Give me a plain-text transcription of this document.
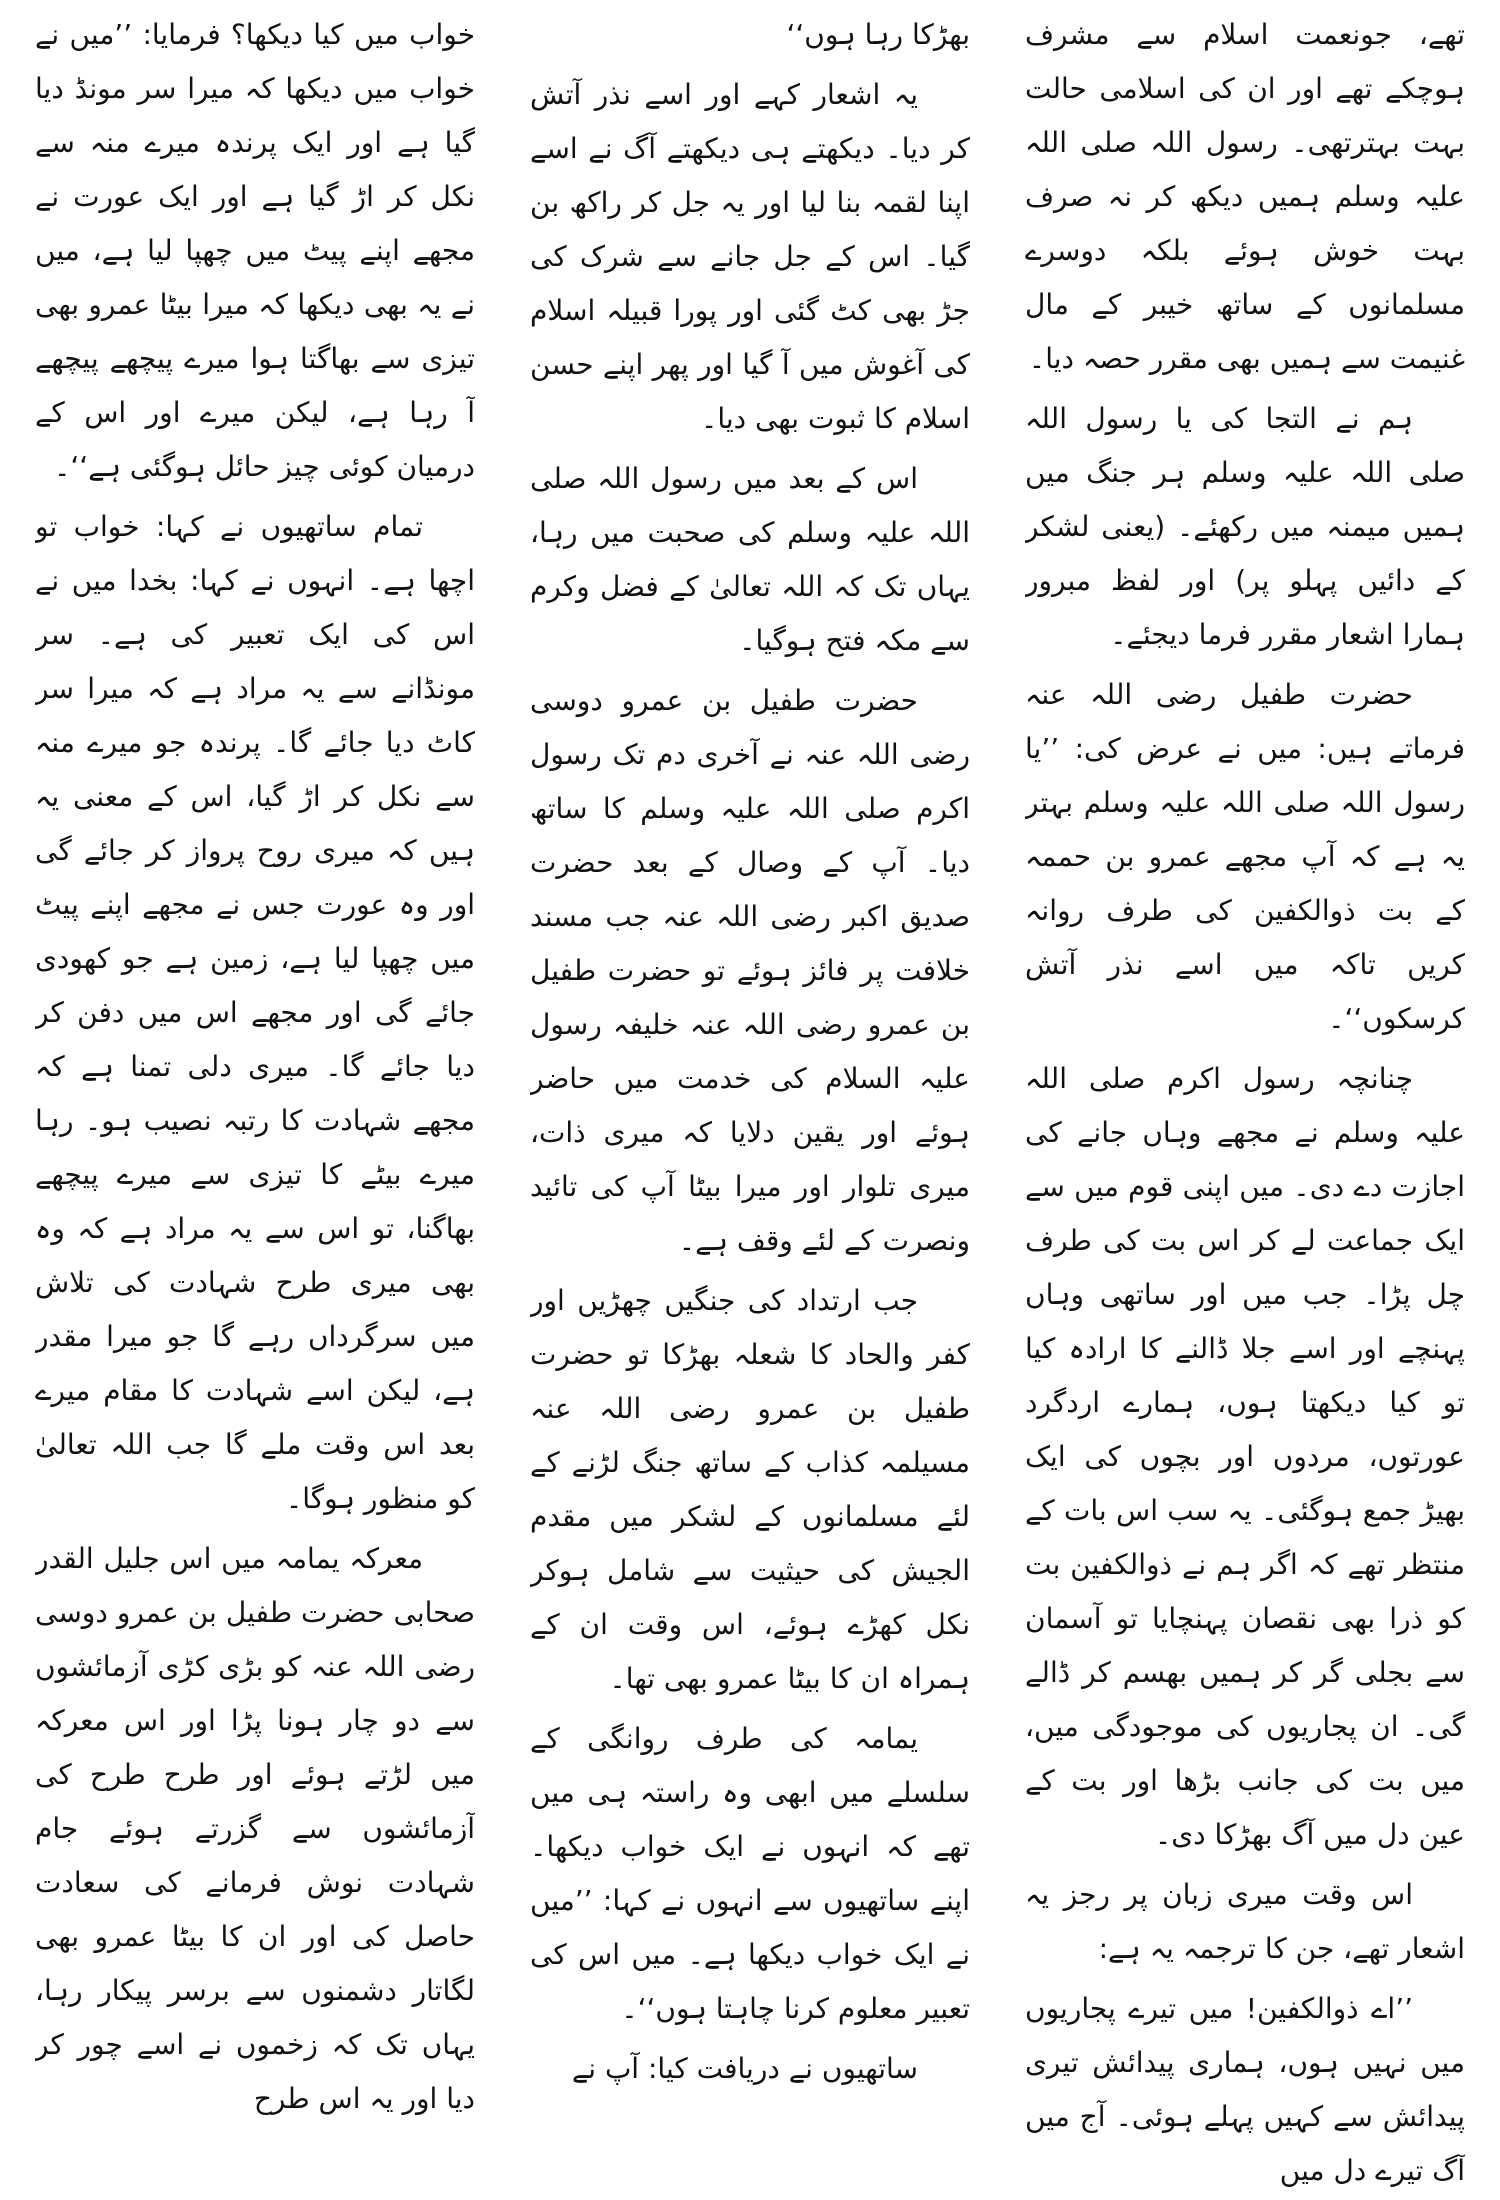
تھے، جونعمت اسلام سے مشرف ہوچکے تھے اور ان کی اسلامی حالت بہت بہترتھی۔ رسول اللہ صلی اللہ علیہ وسلم ہمیں دیکھ کر نہ صرف بہت خوش ہوئے بلکہ دوسرے مسلمانوں کے ساتھ خیبر کے مال غنیمت سے ہمیں بھی مقرر حصہ دیا۔

ہم نے التجا کی یا رسول اللہ صلی اللہ علیہ وسلم ہر جنگ میں ہمیں میمنہ میں رکھئے۔ (یعنی لشکر کے دائیں پہلو پر) اور لفظ مبرور ہمارا اشعار مقرر فرما دیجئے۔

حضرت طفیل رضی اللہ عنہ فرماتے ہیں: میں نے عرض کی: ’’یا رسول اللہ صلی اللہ علیہ وسلم بہتر یہ ہے کہ آپ مجھے عمرو بن حممہ کے بت ذوالکفین کی طرف روانہ کریں تاکہ میں اسے نذر آتش کرسکوں‘‘۔

چنانچہ رسول اکرم صلی اللہ علیہ وسلم نے مجھے وہاں جانے کی اجازت دے دی۔ میں اپنی قوم میں سے ایک جماعت لے کر اس بت کی طرف چل پڑا۔ جب میں اور ساتھی وہاں پہنچے اور اسے جلا ڈالنے کا ارادہ کیا تو کیا دیکھتا ہوں، ہمارے اردگرد عورتوں، مردوں اور بچوں کی ایک بھیڑ جمع ہوگئی۔ یہ سب اس بات کے منتظر تھے کہ اگر ہم نے ذوالکفین بت کو ذرا بھی نقصان پہنچایا تو آسمان سے بجلی گر کر ہمیں بھسم کر ڈالے گی۔ ان پجاریوں کی موجودگی میں، میں بت کی جانب بڑھا اور بت کے عین دل میں آگ بھڑکا دی۔

اس وقت میری زبان پر رجز یہ اشعار تھے، جن کا ترجمہ یہ ہے:

’’اے ذوالکفین! میں تیرے پجاریوں میں نہیں ہوں، ہماری پیدائش تیری پیدائش سے کہیں پہلے ہوئی۔ آج میں آگ تیرے دل میں

بھڑکا رہا ہوں‘‘

یہ اشعار کہے اور اسے نذر آتش کر دیا۔ دیکھتے ہی دیکھتے آگ نے اسے اپنا لقمہ بنا لیا اور یہ جل کر راکھ بن گیا۔ اس کے جل جانے سے شرک کی جڑ بھی کٹ گئی اور پورا قبیلہ اسلام کی آغوش میں آ گیا اور پھر اپنے حسن اسلام کا ثبوت بھی دیا۔

اس کے بعد میں رسول اللہ صلی اللہ علیہ وسلم کی صحبت میں رہا، یہاں تک کہ اللہ تعالیٰ کے فضل وکرم سے مکہ فتح ہوگیا۔

حضرت طفیل بن عمرو دوسی رضی اللہ عنہ نے آخری دم تک رسول اکرم صلی اللہ علیہ وسلم کا ساتھ دیا۔ آپ کے وصال کے بعد حضرت صدیق اکبر رضی اللہ عنہ جب مسند خلافت پر فائز ہوئے تو حضرت طفیل بن عمرو رضی اللہ عنہ خلیفہ رسول علیہ السلام کی خدمت میں حاضر ہوئے اور یقین دلایا کہ میری ذات، میری تلوار اور میرا بیٹا آپ کی تائید ونصرت کے لئے وقف ہے۔

جب ارتداد کی جنگیں چھڑیں اور کفر والحاد کا شعلہ بھڑکا تو حضرت طفیل بن عمرو رضی اللہ عنہ مسیلمہ کذاب کے ساتھ جنگ لڑنے کے لئے مسلمانوں کے لشکر میں مقدم الجیش کی حیثیت سے شامل ہوکر نکل کھڑے ہوئے، اس وقت ان کے ہمراہ ان کا بیٹا عمرو بھی تھا۔

یمامہ کی طرف روانگی کے سلسلے میں ابھی وہ راستہ ہی میں تھے کہ انہوں نے ایک خواب دیکھا۔ اپنے ساتھیوں سے انہوں نے کہا: ’’میں نے ایک خواب دیکھا ہے۔ میں اس کی تعبیر معلوم کرنا چاہتا ہوں‘‘۔

ساتھیوں نے دریافت کیا: آپ نے

خواب میں کیا دیکھا؟ فرمایا: ’’میں نے خواب میں دیکھا کہ میرا سر مونڈ دیا گیا ہے اور ایک پرندہ میرے منہ سے نکل کر اڑ گیا ہے اور ایک عورت نے مجھے اپنے پیٹ میں چھپا لیا ہے، میں نے یہ بھی دیکھا کہ میرا بیٹا عمرو بھی تیزی سے بھاگتا ہوا میرے پیچھے پیچھے آ رہا ہے، لیکن میرے اور اس کے درمیان کوئی چیز حائل ہوگئی ہے‘‘۔

تمام ساتھیوں نے کہا: خواب تو اچھا ہے۔ انہوں نے کہا: بخدا میں نے اس کی ایک تعبیر کی ہے۔ سر مونڈانے سے یہ مراد ہے کہ میرا سر کاٹ دیا جائے گا۔ پرندہ جو میرے منہ سے نکل کر اڑ گیا، اس کے معنی یہ ہیں کہ میری روح پرواز کر جائے گی اور وہ عورت جس نے مجھے اپنے پیٹ میں چھپا لیا ہے، زمین ہے جو کھودی جائے گی اور مجھے اس میں دفن کر دیا جائے گا۔ میری دلی تمنا ہے کہ مجھے شہادت کا رتبہ نصیب ہو۔ رہا میرے بیٹے کا تیزی سے میرے پیچھے بھاگنا، تو اس سے یہ مراد ہے کہ وہ بھی میری طرح شہادت کی تلاش میں سرگرداں رہے گا جو میرا مقدر ہے، لیکن اسے شہادت کا مقام میرے بعد اس وقت ملے گا جب اللہ تعالیٰ کو منظور ہوگا۔

معرکہ یمامہ میں اس جلیل القدر صحابی حضرت طفیل بن عمرو دوسی رضی اللہ عنہ کو بڑی کڑی آزمائشوں سے دو چار ہونا پڑا اور اس معرکہ میں لڑتے ہوئے اور طرح طرح کی آزمائشوں سے گزرتے ہوئے جام شہادت نوش فرمانے کی سعادت حاصل کی اور ان کا بیٹا عمرو بھی لگاتار دشمنوں سے برسر پیکار رہا، یہاں تک کہ زخموں نے اسے چور کر دیا اور یہ اس طرح
